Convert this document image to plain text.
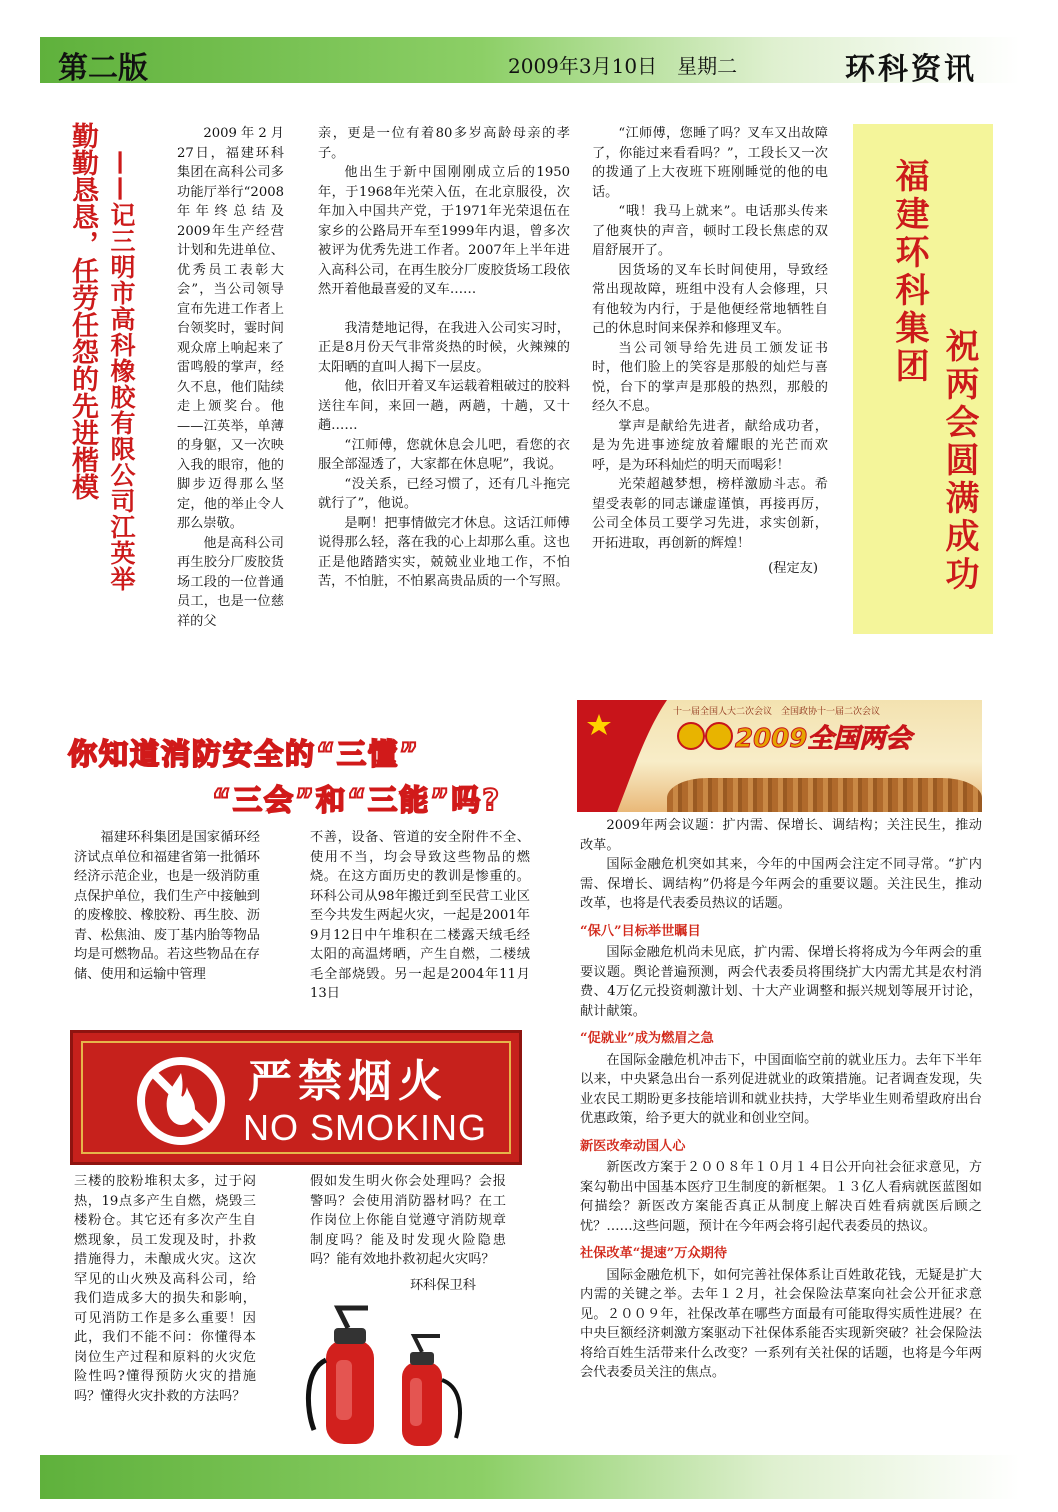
第二版	2009年3月10日　星期二	环科资讯
勤勤恳恳，任劳任怨的先进楷模 ——记三明市高科橡胶有限公司江英举

2009年2月27日，福建环科集团在高科公司多功能厅举行“2008年年终总结及2009年生产经营计划和先进单位、优秀员工表彰大会”，当公司领导宣布先进工作者上台领奖时，霎时间观众席上响起来了雷鸣般的掌声，经久不息，他们陆续走上颁奖台。他——江英举，单薄的身躯，又一次映入我的眼帘，他的脚步迈得那么坚定，他的举止令人那么崇敬。

他是高科公司再生胶分厂废胶货场工段的一位普通员工，也是一位慈祥的父

亲，更是一位有着80多岁高龄母亲的孝子。

他出生于新中国刚刚成立后的1950年，于1968年光荣入伍，在北京服役，次年加入中国共产党，于1971年光荣退伍在家乡的公路局开车至1999年内退，曾多次被评为优秀先进工作者。2007年上半年进入高科公司，在再生胶分厂废胶货场工段依然开着他最喜爱的叉车……

我清楚地记得，在我进入公司实习时，正是8月份天气非常炎热的时候，火辣辣的太阳晒的直叫人揭下一层皮。

他，依旧开着叉车运载着粗破过的胶料送往车间，来回一趟，两趟，十趟，又十趟……

“江师傅，您就休息会儿吧，看您的衣服全部湿透了，大家都在休息呢”，我说。

“没关系，已经习惯了，还有几斗拖完就行了”，他说。

是啊！把事情做完才休息。这话江师傅说得那么轻，落在我的心上却那么重。这也正是他踏踏实实，兢兢业业地工作，不怕苦，不怕脏，不怕累高贵品质的一个写照。

“江师傅，您睡了吗？叉车又出故障了，你能过来看看吗？”，工段长又一次的拨通了上大夜班下班刚睡觉的他的电话。

“哦！我马上就来”。电话那头传来了他爽快的声音，顿时工段长焦虑的双眉舒展开了。

因货场的叉车长时间使用，导致经常出现故障，班组中没有人会修理，只有他较为内行，于是他便经常地牺牲自己的休息时间来保养和修理叉车。

当公司领导给先进员工颁发证书时，他们脸上的笑容是那般的灿烂与喜悦，台下的掌声是那般的热烈，那般的经久不息。

掌声是献给先进者，献给成功者，是为先进事迹绽放着耀眼的光芒而欢呼，是为环科灿烂的明天而喝彩！

光荣超越梦想，榜样激励斗志。希望受表彰的同志谦虚谨慎，再接再厉，公司全体员工要学习先进，求实创新，开拓进取，再创新的辉煌！

(程定友)

福建环科集团
祝两会圆满成功
你知道消防安全的“三懂”
“三会”和“三能”吗?

福建环科集团是国家循环经济试点单位和福建省第一批循环经济示范企业，也是一级消防重点保护单位，我们生产中接触到的废橡胶、橡胶粉、再生胶、沥青、松焦油、废丁基内胎等物品均是可燃物品。若这些物品在存储、使用和运输中管理

不善，设备、管道的安全附件不全、使用不当，均会导致这些物品的燃烧。在这方面历史的教训是惨重的。环科公司从98年搬迁到至民营工业区至今共发生两起火灾，一起是2001年9月12日中午堆积在二楼露天绒毛经太阳的高温烤晒，产生自燃，二楼绒毛全部烧毁。另一起是2004年11月13日

严禁烟火
NO SMOKING

三楼的胶粉堆积太多，过于闷热，19点多产生自燃，烧毁三楼粉仓。其它还有多次产生自燃现象，员工发现及时，扑救措施得力，未酿成火灾。这次罕见的山火殃及高科公司，给我们造成多大的损失和影响，可见消防工作是多么重要！因此，我们不能不问：你懂得本岗位生产过程和原料的火灾危险性吗?懂得预防火灾的措施吗？懂得火灾扑救的方法吗？

假如发生明火你会处理吗？会报警吗？会使用消防器材吗？在工作岗位上你能自觉遵守消防规章制度吗？能及时发现火险隐患吗？能有效地扑救初起火灾吗？

环科保卫科

十一届全国人大二次会议　全国政协十一届二次会议
2009全国两会

2009年两会议题：扩内需、保增长、调结构；关注民生，推动改革。

国际金融危机突如其来，今年的中国两会注定不同寻常。“扩内需、保增长、调结构”仍将是今年两会的重要议题。关注民生，推动改革，也将是代表委员热议的话题。

“保八”目标举世瞩目

国际金融危机尚未见底，扩内需、保增长将将成为今年两会的重要议题。舆论普遍预测，两会代表委员将围绕扩大内需尤其是农村消费、4万亿元投资刺激计划、十大产业调整和振兴规划等展开讨论，献计献策。

“促就业”成为燃眉之急

在国际金融危机冲击下，中国面临空前的就业压力。去年下半年以来，中央紧急出台一系列促进就业的政策措施。记者调查发现，失业农民工期盼更多技能培训和就业扶持，大学毕业生则希望政府出台优惠政策，给予更大的就业和创业空间。

新医改牵动国人心

新医改方案于２００８年１０月１４日公开向社会征求意见，方案勾勒出中国基本医疗卫生制度的新框架。１３亿人看病就医蓝图如何描绘？新医改方案能否真正从制度上解决百姓看病就医后顾之忧？……这些问题，预计在今年两会将引起代表委员的热议。

社保改革“提速”万众期待

国际金融危机下，如何完善社保体系让百姓敢花钱，无疑是扩大内需的关键之举。去年１２月，社会保险法草案向社会公开征求意见。２００９年，社保改革在哪些方面最有可能取得实质性进展？在中央巨额经济刺激方案驱动下社保体系能否实现新突破？社会保险法将给百姓生活带来什么改变？一系列有关社保的话题，也将是今年两会代表委员关注的焦点。
